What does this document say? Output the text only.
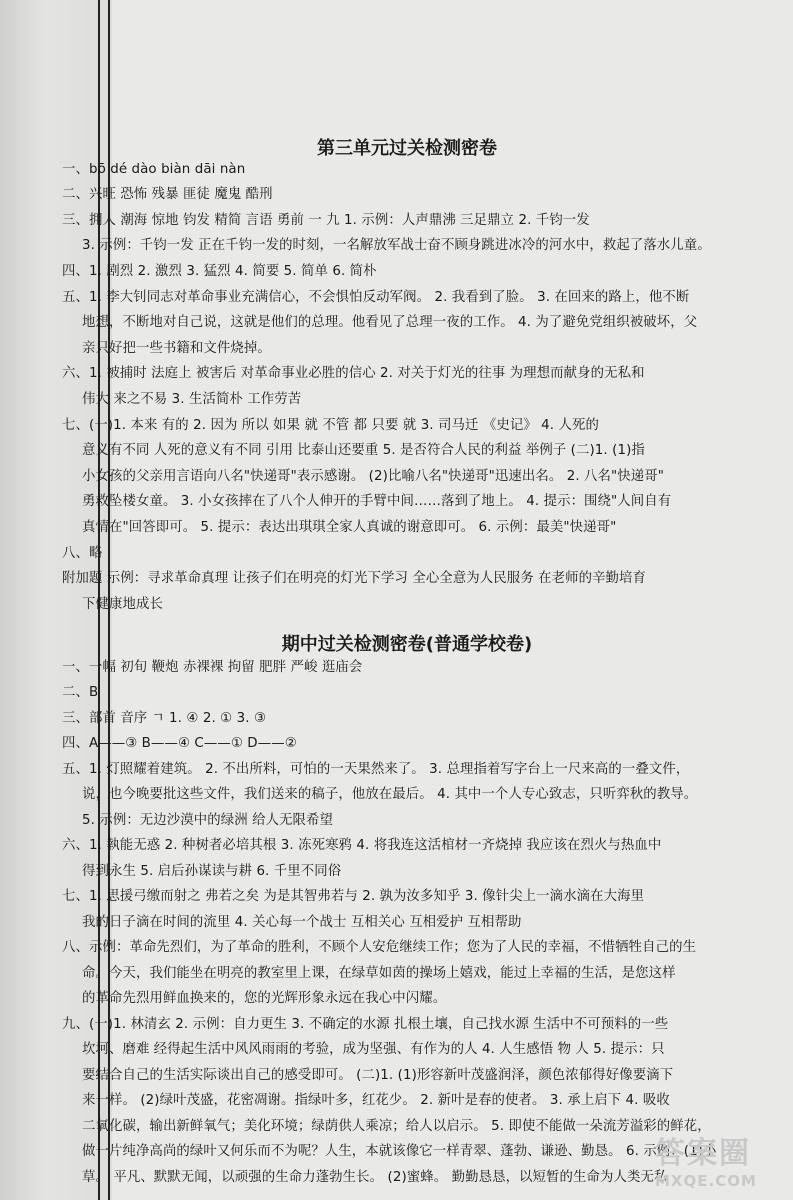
第三单元过关检测密卷
一、bō dé dào biàn dāi nàn
二、兴旺 恐怖 残暴 匪徒 魔鬼 酷刑
三、拥人 潮海 惊地 钧发 精简 言语 勇前 一 九 1. 示例：人声鼎沸 三足鼎立 2. 千钧一发
3. 示例：千钧一发 正在千钧一发的时刻，一名解放军战士奋不顾身跳进冰冷的河水中，救起了落水儿童。
四、1. 剧烈 2. 激烈 3. 猛烈 4. 简要 5. 简单 6. 简朴
五、1. 李大钊同志对革命事业充满信心，不会惧怕反动军阀。 2. 我看到了脸。 3. 在回来的路上，他不断
地想，不断地对自己说，这就是他们的总理。他看见了总理一夜的工作。 4. 为了避免党组织被破坏，父
亲只好把一些书籍和文件烧掉。
六、1. 被捕时 法庭上 被害后 对革命事业必胜的信心 2. 对关于灯光的往事 为理想而献身的无私和
伟大 来之不易 3. 生活简朴 工作劳苦
七、(一)1. 本来 有的 2. 因为 所以 如果 就 不管 都 只要 就 3. 司马迁 《史记》 4. 人死的
意义有不同 人死的意义有不同 引用 比泰山还要重 5. 是否符合人民的利益 举例子 (二)1. (1)指
小女孩的父亲用言语向八名"快递哥"表示感谢。 (2)比喻八名"快递哥"迅速出名。 2. 八名"快递哥"
勇救坠楼女童。 3. 小女孩摔在了八个人伸开的手臂中间……落到了地上。 4. 提示：围绕"人间自有
真情在"回答即可。 5. 提示：表达出琪琪全家人真诚的谢意即可。 6. 示例：最美"快递哥"
八、略
附加题 示例：寻求革命真理 让孩子们在明亮的灯光下学习 全心全意为人民服务 在老师的辛勤培育
下健康地成长
期中过关检测密卷(普通学校卷)
一、一幅 初旬 鞭炮 赤裸裸 拘留 肥胖 严峻 逛庙会
二、B
三、部首 音序 ㄱ 1. ④ 2. ① 3. ③
四、A——③ B——④ C——① D——②
五、1. 灯照耀着建筑。 2. 不出所料，可怕的一天果然来了。 3. 总理指着写字台上一尺来高的一叠文件，
说，也今晚要批这些文件，我们送来的稿子，他放在最后。 4. 其中一个人专心致志，只听弈秋的教导。
5. 示例：无边沙漠中的绿洲 给人无限希望
六、1. 執能无惑 2. 种树者必培其根 3. 冻死寒鸦 4. 将我连这活棺材一齐烧掉 我应该在烈火与热血中
得到永生 5. 启后孙谋读与耕 6. 千里不同俗
七、1. 思援弓缴而射之 弗若之矣 为是其智弗若与 2. 孰为汝多知乎 3. 像针尖上一滴水滴在大海里
我的日子滴在时间的流里 4. 关心每一个战士 互相关心 互相爱护 互相帮助
八、示例：革命先烈们，为了革命的胜利，不顾个人安危继续工作；您为了人民的幸福，不惜牺牲自己的生
命。今天，我们能坐在明亮的教室里上课，在绿草如茵的操场上嬉戏，能过上幸福的生活，是您这样
的革命先烈用鲜血换来的，您的光辉形象永远在我心中闪耀。
九、(一)1. 林清玄 2. 示例：自力更生 3. 不确定的水源 扎根土壤，自己找水源 生活中不可预料的一些
坎坷、磨难 经得起生活中风风雨雨的考验，成为坚强、有作为的人 4. 人生感悟 物 人 5. 提示：只
要结合自己的生活实际谈出自己的感受即可。 (二)1. (1)形容新叶茂盛润泽，颜色浓郁得好像要滴下
来一样。 (2)绿叶茂盛，花密凋谢。指绿叶多，红花少。 2. 新叶是春的使者。 3. 承上启下 4. 吸收
二氧化碳，输出新鲜氧气；美化环境；绿荫供人乘凉；给人以启示。 5. 即使不能做一朵流芳溢彩的鲜花，
做一片纯净高尚的绿叶又何乐而不为呢？人生，本就该像它一样青翠、蓬勃、谦逊、勤恳。 6. 示例：(1)小
草。 平凡、默默无闻，以顽强的生命力蓬勃生长。 (2)蜜蜂。 勤勤恳恳，以短暂的生命为人类无私
答案圈
MXQE.COM
